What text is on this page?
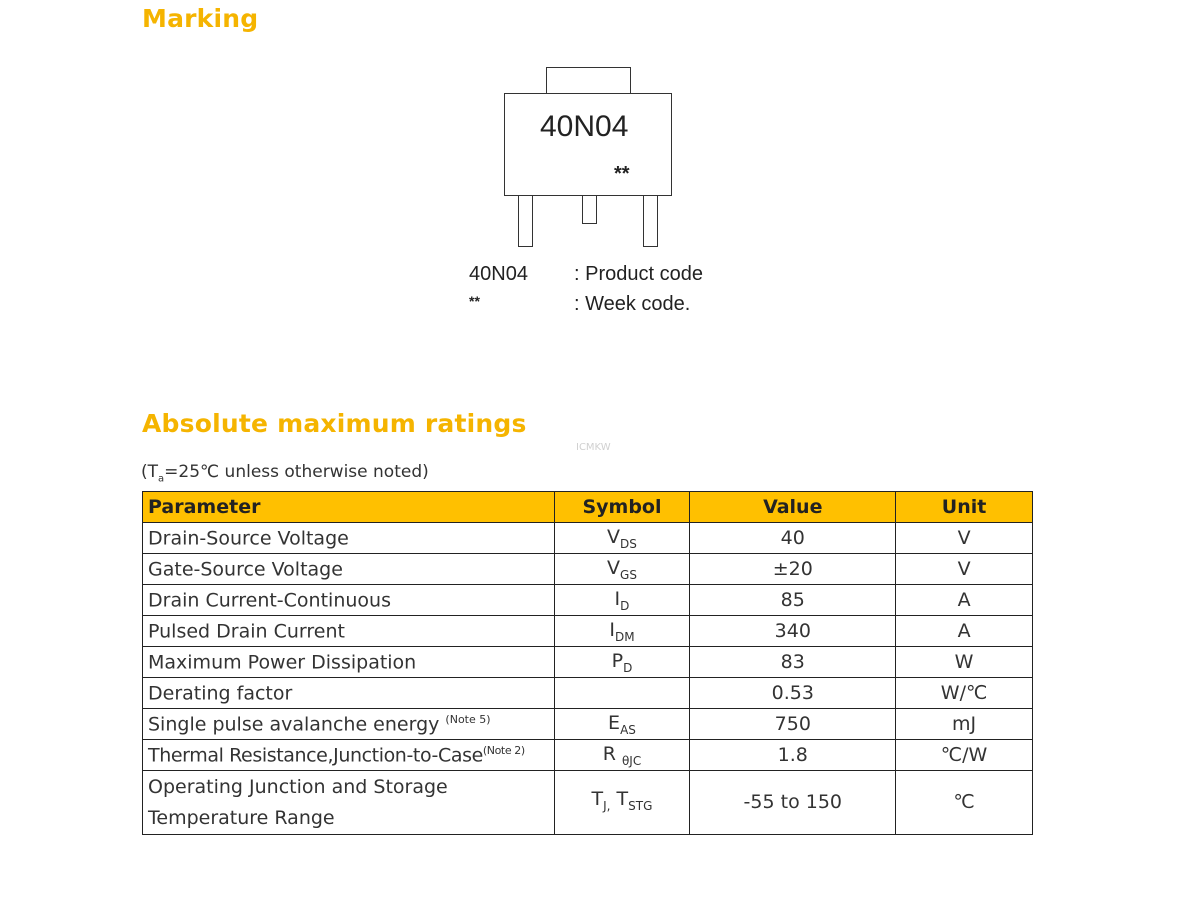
Marking
40N04
**
40N04 : Product code
**	: Week code.
Absolute maximum ratings
ICMKW
($T_a=25℃$ unless otherwise noted)
Parameter	Symbol	Value	Unit
Drain-Source Voltage	$V_{DS}$	40	V
Gate-Source Voltage	$V_{GS}$	±20	V
Drain Current-Continuous	$I_D$	85	A
Pulsed Drain Current	$I_{DM}$	340	A
Maximum Power Dissipation	$P_D$	83	W
Derating factor		0.53	W/℃
Single pulse avalanche energy $^{(Note 5)}$	$E_{AS}$	750	mJ
Thermal Resistance,Junction-to-Case$^{(Note 2)}$	R $_{\theta JC}$	1.8	℃/W

Operating Junction and Storage
Temperature Range	$T_{J,}$ $T_{STG}$	-55 to 150	℃
